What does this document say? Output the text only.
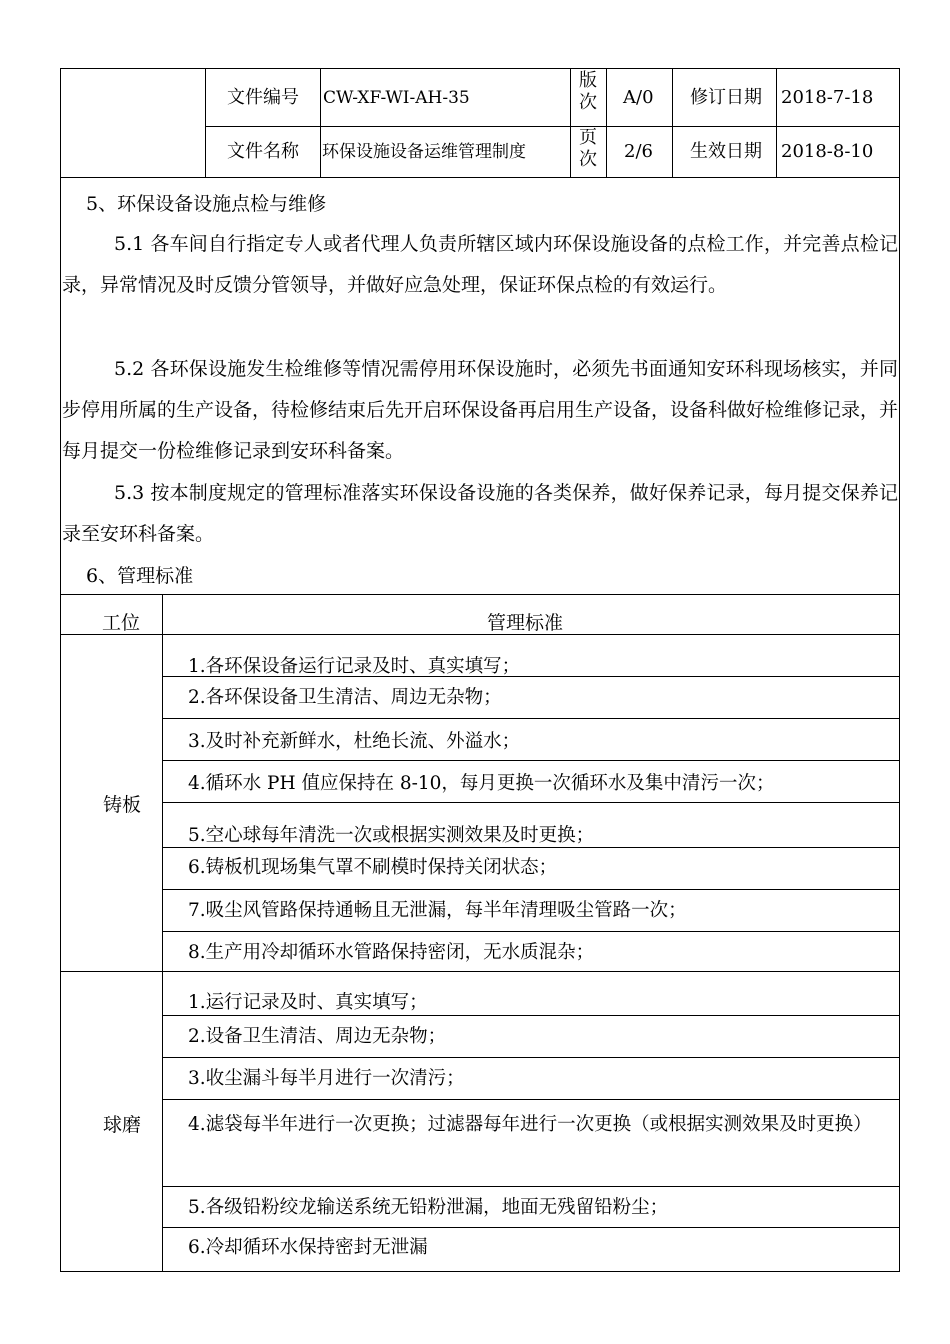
文件编号 CW-XF-WI-AH-35
版次 A/0 修订日期 2018-7-18
文件名称 环保设施设备运维管理制度
页次 2/6 生效日期 2018-8-10
5、环保设备设施点检与维修
5.1 各车间自行指定专人或者代理人负责所辖区域内环保设施设备的点检工作，并完善点检记录，异常情况及时反馈分管领导，并做好应急处理，保证环保点检的有效运行。
5.2 各环保设施发生检维修等情况需停用环保设施时，必须先书面通知安环科现场核实，并同步停用所属的生产设备，待检修结束后先开启环保设备再启用生产设备，设备科做好检维修记录，并每月提交一份检维修记录到安环科备案。
5.3 按本制度规定的管理标准落实环保设备设施的各类保养，做好保养记录，每月提交保养记录至安环科备案。
6、管理标准
工位	管理标准
铸板
1.各环保设备运行记录及时、真实填写；
2.各环保设备卫生清洁、周边无杂物；
3.及时补充新鲜水，杜绝长流、外溢水；
4.循环水 PH 值应保持在 8-10，每月更换一次循环水及集中清污一次；
5.空心球每年清洗一次或根据实测效果及时更换；
6.铸板机现场集气罩不刷模时保持关闭状态；
7.吸尘风管路保持通畅且无泄漏，每半年清理吸尘管路一次；
8.生产用冷却循环水管路保持密闭，无水质混杂；
球磨
1.运行记录及时、真实填写；
2.设备卫生清洁、周边无杂物；
3.收尘漏斗每半月进行一次清污；
4.滤袋每半年进行一次更换；过滤器每年进行一次更换（或根据实测效果及时更换）
5.各级铅粉绞龙输送系统无铅粉泄漏，地面无残留铅粉尘；
6.冷却循环水保持密封无泄漏
